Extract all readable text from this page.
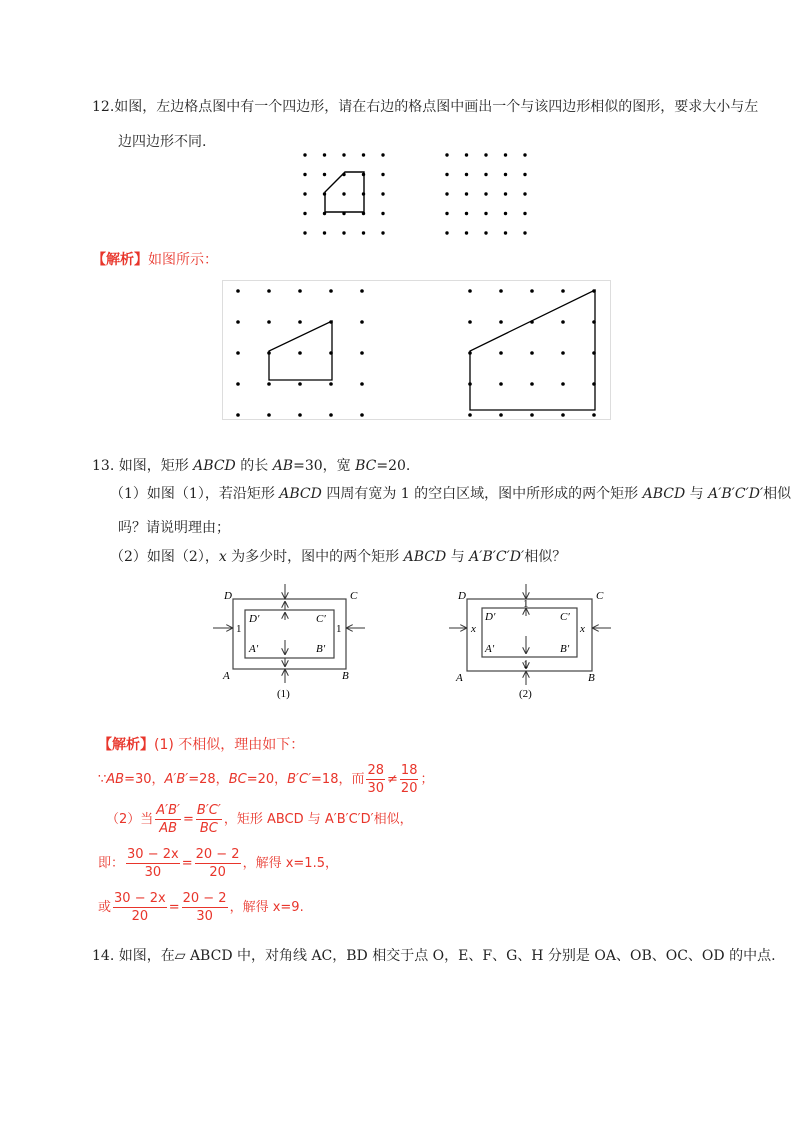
12.如图，左边格点图中有一个四边形，请在右边的格点图中画出一个与该四边形相似的图形，要求大小与左
边四边形不同.
【解析】如图所示：
13. 如图，矩形 ABCD 的长 AB=30，宽 BC=20.
（1）如图（1），若沿矩形 ABCD 四周有宽为 1 的空白区域，图中所形成的两个矩形 ABCD 与 A′B′C′D′相似
吗？请说明理由；
（2）如图（2），x 为多少时，图中的两个矩形 ABCD 与 A′B′C′D′相似？
D	C
A	B
D′	C′
A′	B′
1	1
(1)
D	C
A	B
D′	C′
A′	B′
1
1
x	x
(2)
【解析】(1) 不相似，理由如下：
∵AB=30，A′B′=28，BC=20，B′C′=18，而 $\frac{28}{30} \ne \frac{18}{20}$ ；
（2）当 $\frac{A'B'}{AB} = \frac{B'C'}{BC}$ ，矩形 ABCD 与 A′B′C′D′相似，
即： $\frac{30 - 2x}{30} = \frac{20 - 2}{20}$ ，解得 x=1.5，
或 $\frac{30 - 2x}{20} = \frac{20 - 2}{30}$ ，解得 x=9.
14. 如图，在▱ ABCD 中，对角线 AC，BD 相交于点 O，E、F、G、H 分别是 OA、OB、OC、OD 的中点.
